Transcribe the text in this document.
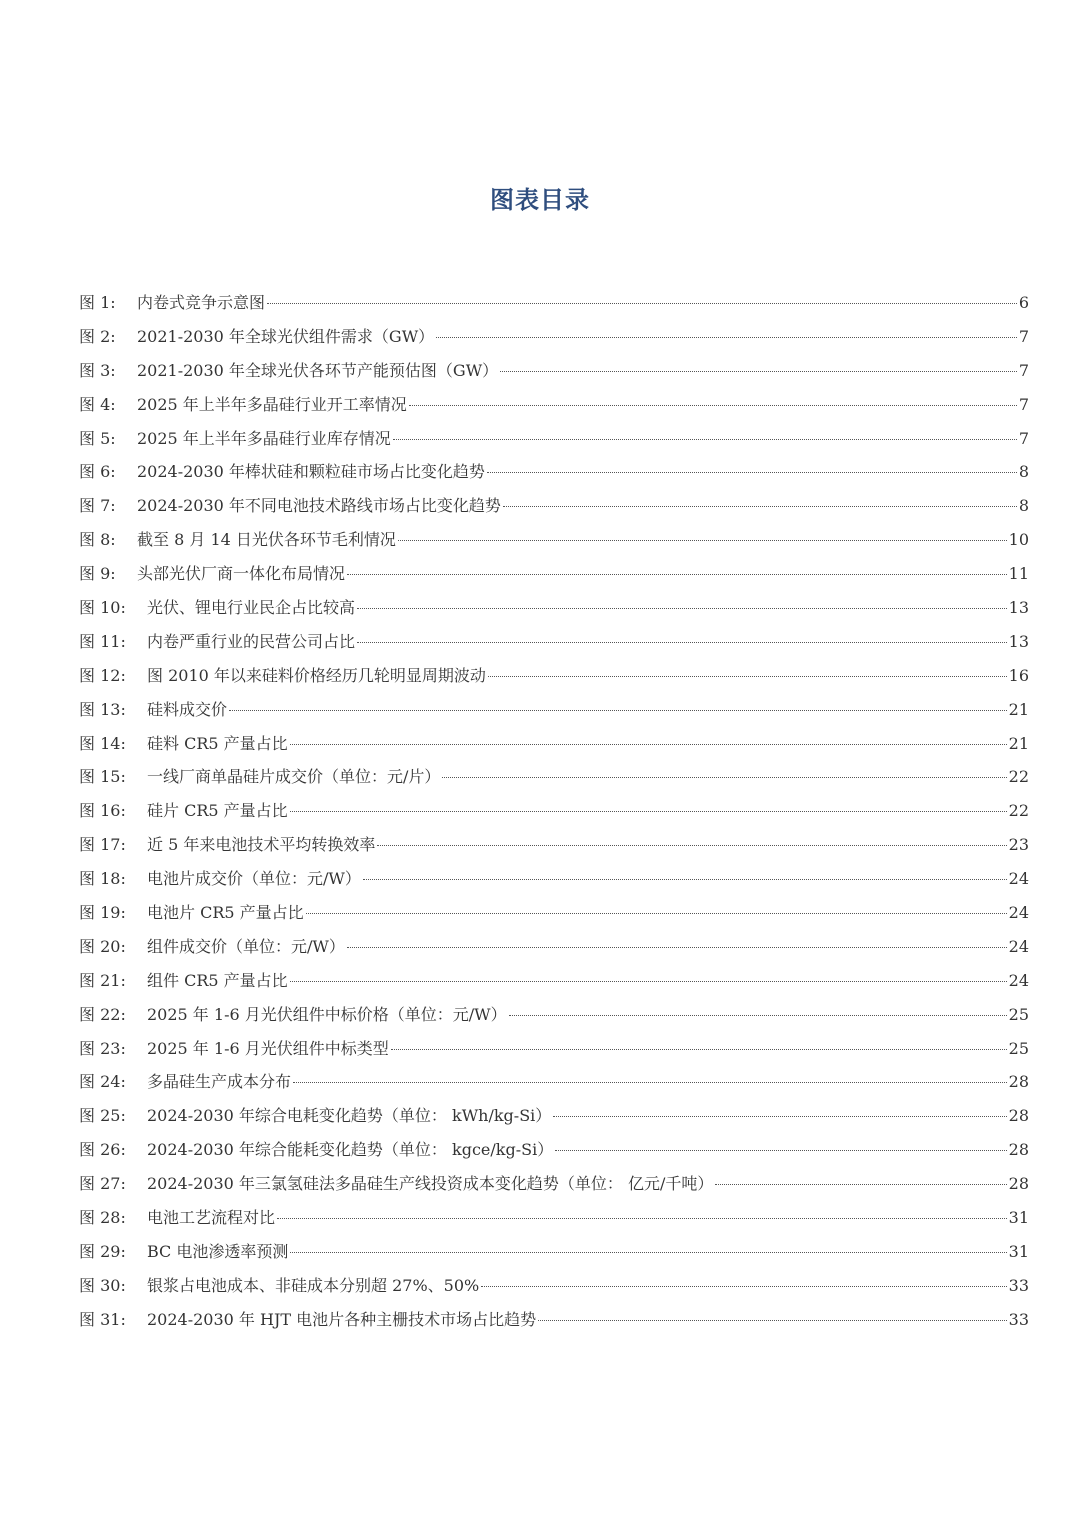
图表目录
图 1:	内卷式竞争示意图	6
图 2:	2021-2030 年全球光伏组件需求（GW）	7
图 3:	2021-2030 年全球光伏各环节产能预估图（GW）	7
图 4:	2025 年上半年多晶硅行业开工率情况	7
图 5:	2025 年上半年多晶硅行业库存情况	7
图 6:	2024-2030 年棒状硅和颗粒硅市场占比变化趋势	8
图 7:	2024-2030 年不同电池技术路线市场占比变化趋势	8
图 8:	截至 8 月 14 日光伏各环节毛利情况	10
图 9:	头部光伏厂商一体化布局情况	11
图 10:	光伏、锂电行业民企占比较高	13
图 11:	内卷严重行业的民营公司占比	13
图 12:	图 2010 年以来硅料价格经历几轮明显周期波动	16
图 13:	硅料成交价	21
图 14:	硅料 CR5 产量占比	21
图 15:	一线厂商单晶硅片成交价（单位：元/片）	22
图 16:	硅片 CR5 产量占比	22
图 17:	近 5 年来电池技术平均转换效率	23
图 18:	电池片成交价（单位：元/W）	24
图 19:	电池片 CR5 产量占比	24
图 20:	组件成交价（单位：元/W）	24
图 21:	组件 CR5 产量占比	24
图 22:	2025 年 1-6 月光伏组件中标价格（单位：元/W）	25
图 23:	2025 年 1-6 月光伏组件中标类型	25
图 24:	多晶硅生产成本分布	28
图 25:	2024-2030 年综合电耗变化趋势（单位： kWh/kg-Si）	28
图 26:	2024-2030 年综合能耗变化趋势（单位： kgce/kg-Si）	28
图 27:	2024-2030 年三氯氢硅法多晶硅生产线投资成本变化趋势（单位： 亿元/千吨）	28
图 28:	电池工艺流程对比	31
图 29:	BC 电池渗透率预测	31
图 30:	银浆占电池成本、非硅成本分别超 27%、50%	33
图 31:	2024-2030 年 HJT 电池片各种主栅技术市场占比趋势	33
